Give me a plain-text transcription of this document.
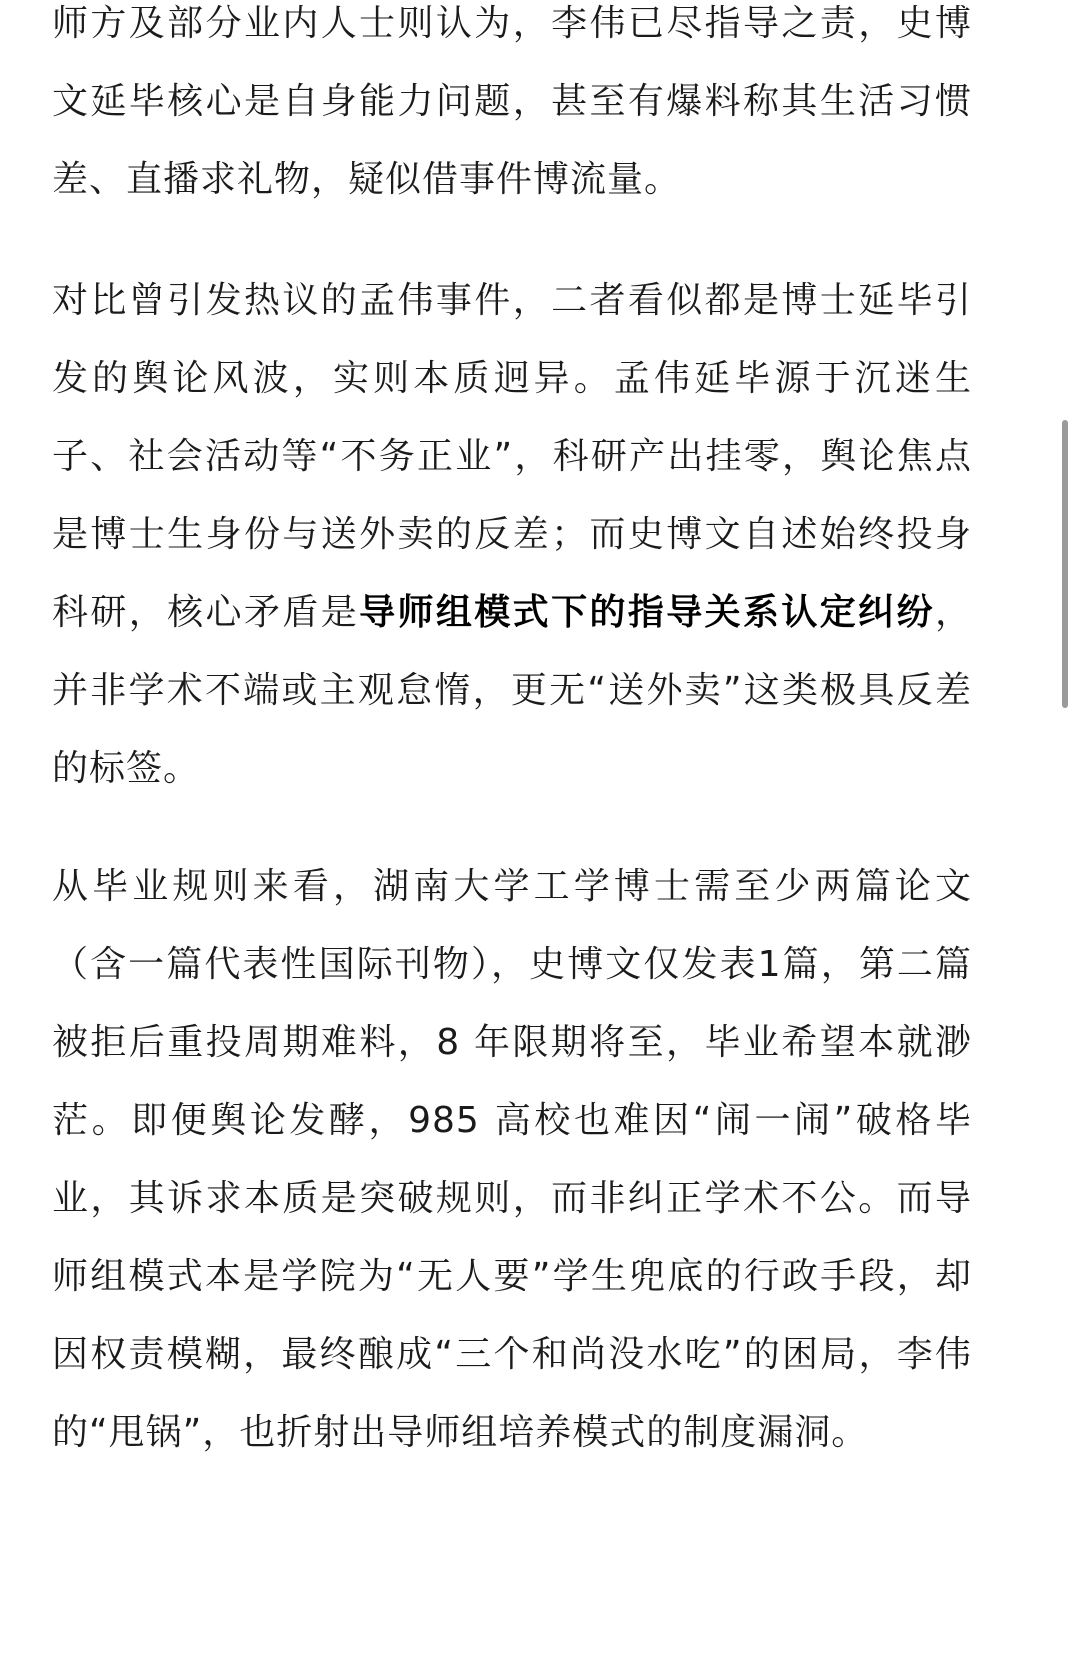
师方及部分业内人士则认为，李伟已尽指导之责，史博文延毕核心是自身能力问题，甚至有爆料称其生活习惯差、直播求礼物，疑似借事件博流量。

对比曾引发热议的孟伟事件，二者看似都是博士延毕引发的舆论风波，实则本质迥异。孟伟延毕源于沉迷生子、社会活动等“不务正业”，科研产出挂零，舆论焦点是博士生身份与送外卖的反差；而史博文自述始终投身科研，核心矛盾是导师组模式下的指导关系认定纠纷，并非学术不端或主观怠惰，更无“送外卖”这类极具反差的标签。

从毕业规则来看，湖南大学工学博士需至少两篇论文（含一篇代表性国际刊物），史博文仅发表1篇，第二篇被拒后重投周期难料，8 年限期将至，毕业希望本就渺茫。即便舆论发酵，985 高校也难因“闹一闹”破格毕业，其诉求本质是突破规则，而非纠正学术不公。而导师组模式本是学院为“无人要”学生兜底的行政手段，却因权责模糊，最终酿成“三个和尚没水吃”的困局，李伟的“甩锅”，也折射出导师组培养模式的制度漏洞。
